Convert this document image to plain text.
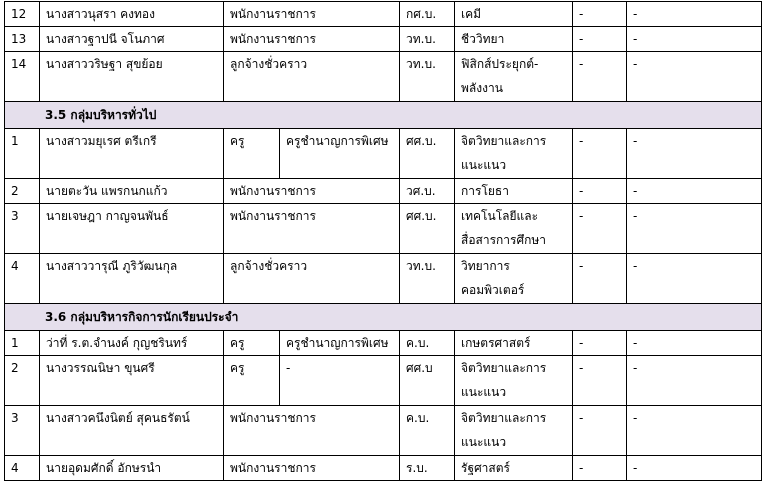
12	นางสาวนุสรา คงทอง	พนักงานราชการ		กศ.บ.	เคมี	-	-
13	นางสาวฐาปนี จโนภาศ	พนักงานราชการ		วท.บ.	ชีววิทยา	-	-
14	นางสาววริษฐา สุขย้อย	ลูกจ้างชั่วคราว		วท.บ.	ฟิสิกส์ประยุกต์-พลังงาน	-	-
3.5 กลุ่มบริหารทั่วไป							
1	นางสาวมยุเรศ ตรีเกรี	ครู	ครูชำนาญการพิเศษ	ศศ.บ.	จิตวิทยาและการแนะแนว	-	-
2	นายตะวัน แพรกนกแก้ว	พนักงานราชการ		วศ.บ.	การโยธา	-	-
3	นายเจษฎา กาญจนพันธ์	พนักงานราชการ		ศศ.บ.	เทคโนโลยีและสื่อสารการศึกษา	-	-
4	นางสาววารุณี ภูริวัฒนกุล	ลูกจ้างชั่วคราว		วท.บ.	วิทยาการคอมพิวเตอร์	-	-
3.6 กลุ่มบริหารกิจการนักเรียนประจำ							
1	ว่าที่ ร.ต.จำนงค์ กุญชรินทร์	ครู	ครูชำนาญการพิเศษ	ค.บ.	เกษตรศาสตร์	-	-
2	นางวรรณนิษา ขุนศรี	ครู	-	ศศ.บ	จิตวิทยาและการแนะแนว	-	-
3	นางสาวคนึงนิตย์ สุคนธรัตน์	พนักงานราชการ		ค.บ.	จิตวิทยาและการแนะแนว	-	-
4	นายอุดมศักดิ์ อักษรนำ	พนักงานราชการ		ร.บ.	รัฐศาสตร์	-	-
